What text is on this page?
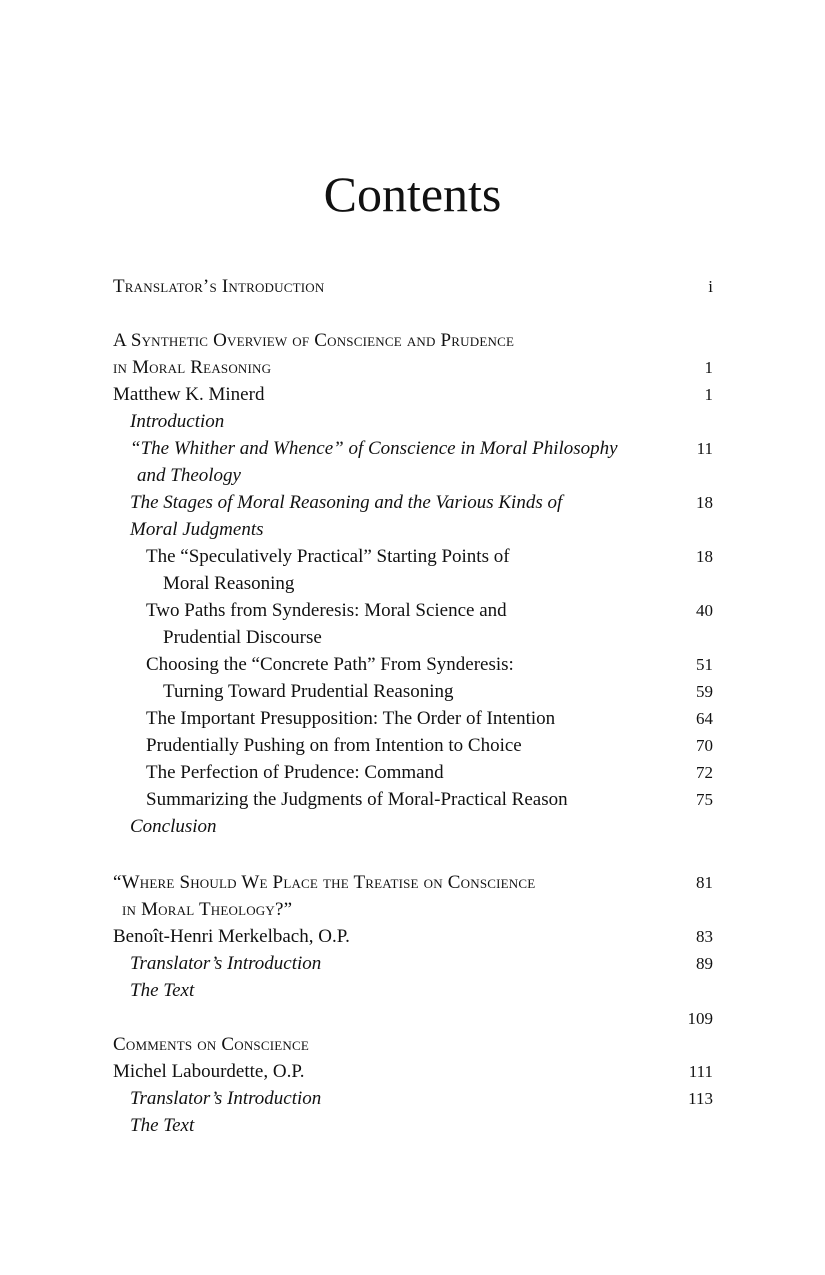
Contents
Translator’s Introduction	i
A Synthetic Overview of Conscience and Prudence
in Moral Reasoning	1
Matthew K. Minerd	1
Introduction
“The Whither and Whence” of Conscience in Moral Philosophy	11
and Theology
The Stages of Moral Reasoning and the Various Kinds of	18
Moral Judgments
The “Speculatively Practical” Starting Points of	18
Moral Reasoning
Two Paths from Synderesis: Moral Science and	40
Prudential Discourse
Choosing the “Concrete Path” From Synderesis:	51
Turning Toward Prudential Reasoning	59
The Important Presupposition: The Order of Intention	64
Prudentially Pushing on from Intention to Choice	70
The Perfection of Prudence: Command	72
Summarizing the Judgments of Moral-Practical Reason	75
Conclusion
“Where Should We Place the Treatise on Conscience	81
in Moral Theology?”
Benoît-Henri Merkelbach, O.P.	83
Translator’s Introduction	89
The Text
109
Comments on Conscience
Michel Labourdette, O.P.	111
Translator’s Introduction	113
The Text
